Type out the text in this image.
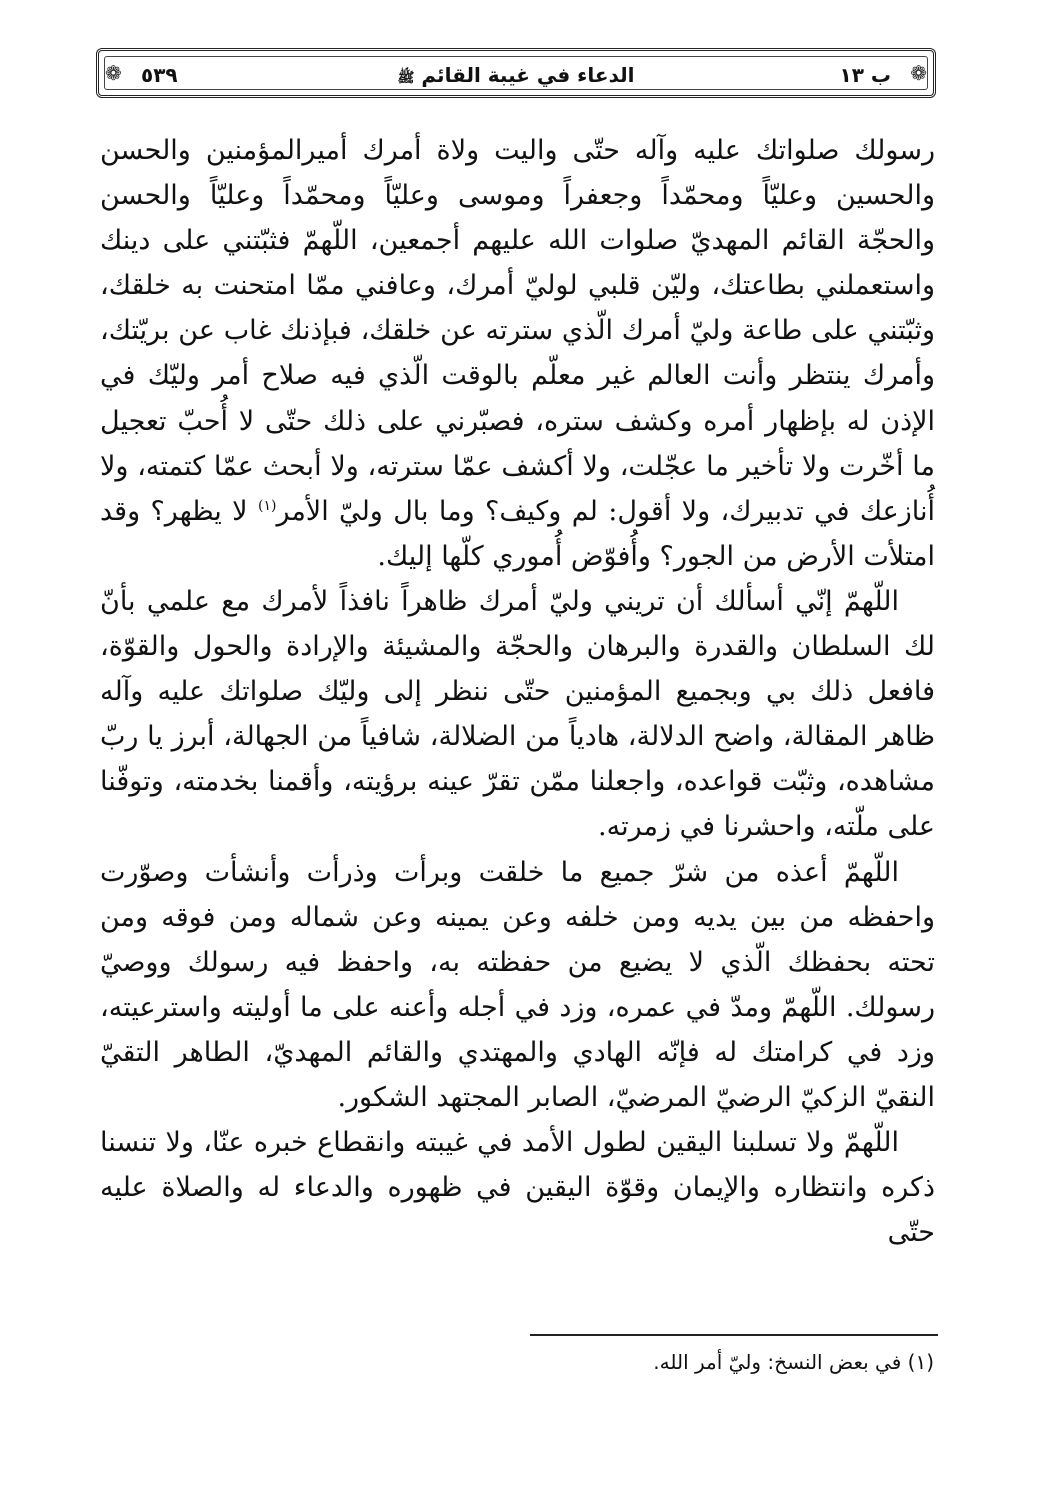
❁
❁	ب ١٣
الدعاء في غيبة القائم ﷺ
٥٣٩

رسولك صلواتك عليه وآله حتّى واليت ولاة أمرك أميرالمؤمنين والحسن والحسين وعليّاً ومحمّداً وجعفراً وموسى وعليّاً ومحمّداً وعليّاً والحسن والحجّة القائم المهديّ صلوات الله عليهم أجمعين، اللّهمّ فثبّتني على دينك واستعملني بطاعتك، وليّن قلبي لوليّ أمرك، وعافني ممّا امتحنت به خلقك، وثبّتني على طاعة وليّ أمرك الّذي سترته عن خلقك، فبإذنك غاب عن بريّتك، وأمرك ينتظر وأنت العالم غير معلّم بالوقت الّذي فيه صلاح أمر وليّك في الإذن له بإظهار أمره وكشف ستره، فصبّرني على ذلك حتّى لا أُحبّ تعجيل ما أخّرت ولا تأخير ما عجّلت، ولا أكشف عمّا سترته، ولا أبحث عمّا كتمته، ولا أُنازعك في تدبيرك، ولا أقول: لم وكيف؟ وما بال وليّ الأمر$^{(١)}$ لا يظهر؟ وقد امتلأت الأرض من الجور؟ وأُفوّض أُموري كلّها إليك.

اللّهمّ إنّي أسألك أن تريني وليّ أمرك ظاهراً نافذاً لأمرك مع علمي بأنّ لك السلطان والقدرة والبرهان والحجّة والمشيئة والإرادة والحول والقوّة، فافعل ذلك بي وبجميع المؤمنين حتّى ننظر إلى وليّك صلواتك عليه وآله ظاهر المقالة، واضح الدلالة، هادياً من الضلالة، شافياً من الجهالة، أبرز يا ربّ مشاهده، وثبّت قواعده، واجعلنا ممّن تقرّ عينه برؤيته، وأقمنا بخدمته، وتوفّنا على ملّته، واحشرنا في زمرته.

اللّهمّ أعذه من شرّ جميع ما خلقت وبرأت وذرأت وأنشأت وصوّرت واحفظه من بين يديه ومن خلفه وعن يمينه وعن شماله ومن فوقه ومن تحته بحفظك الّذي لا يضيع من حفظته به، واحفظ فيه رسولك ووصيّ رسولك. اللّهمّ ومدّ في عمره، وزد في أجله وأعنه على ما أوليته واسترعيته، وزد في كرامتك له فإنّه الهادي والمهتدي والقائم المهديّ، الطاهر التقيّ النقيّ الزكيّ الرضيّ المرضيّ، الصابر المجتهد الشكور.

اللّهمّ ولا تسلبنا اليقين لطول الأمد في غيبته وانقطاع خبره عنّا، ولا تنسنا ذكره وانتظاره والإيمان وقوّة اليقين في ظهوره والدعاء له والصلاة عليه حتّى

(١) في بعض النسخ: وليّ أمر الله.
